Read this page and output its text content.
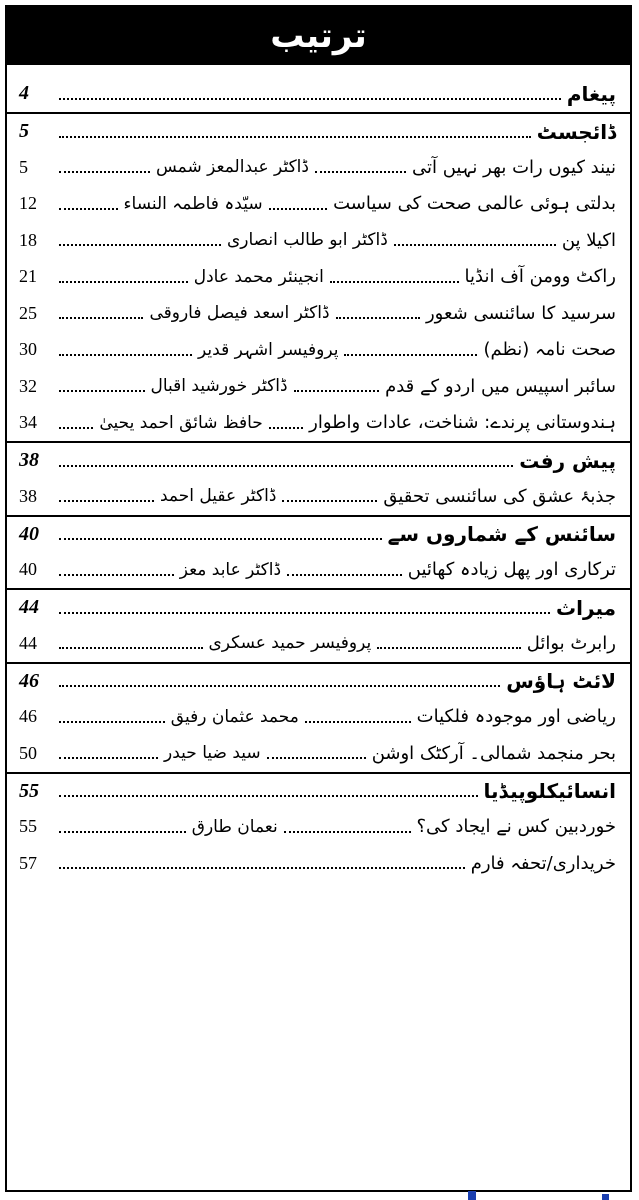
ترتیب
پیغام
4
ڈائجسٹ
5
نیند کیوں رات بھر نہیں آتی
ڈاکٹر عبدالمعز شمس
5
بدلتی ہوئی عالمی صحت کی سیاست
سیّدہ فاطمہ النساء
12
اکیلا پن
ڈاکٹر ابو طالب انصاری
18
راکٹ وومن آف انڈیا
انجینئر محمد عادل
21
سرسید کا سائنسی شعور
ڈاکٹر اسعد فیصل فاروقی
25
صحت نامہ (نظم)
پروفیسر اشہر قدیر
30
سائبر اسپیس میں اردو کے قدم
ڈاکٹر خورشید اقبال
32
ہندوستانی پرندے: شناخت، عادات واطوار
حافظ شائق احمد یحییٰ
34
پیش رفت
38
جذبۂ عشق کی سائنسی تحقیق
ڈاکٹر عقیل احمد
38
سائنس کے شماروں سے
40
ترکاری اور پھل زیادہ کھائیں
ڈاکٹر عابد معز
40
میراث
44
رابرٹ بوائل
پروفیسر حمید عسکری
44
لائٹ ہاؤس
46
ریاضی اور موجودہ فلکیات
محمد عثمان رفیق
46
بحر منجمد شمالی۔ آرکٹک اوشن
سید ضیا حیدر
50
انسائیکلوپیڈیا
55
خوردبین کس نے ایجاد کی؟
نعمان طارق
55
خریداری/تحفہ فارم
57
